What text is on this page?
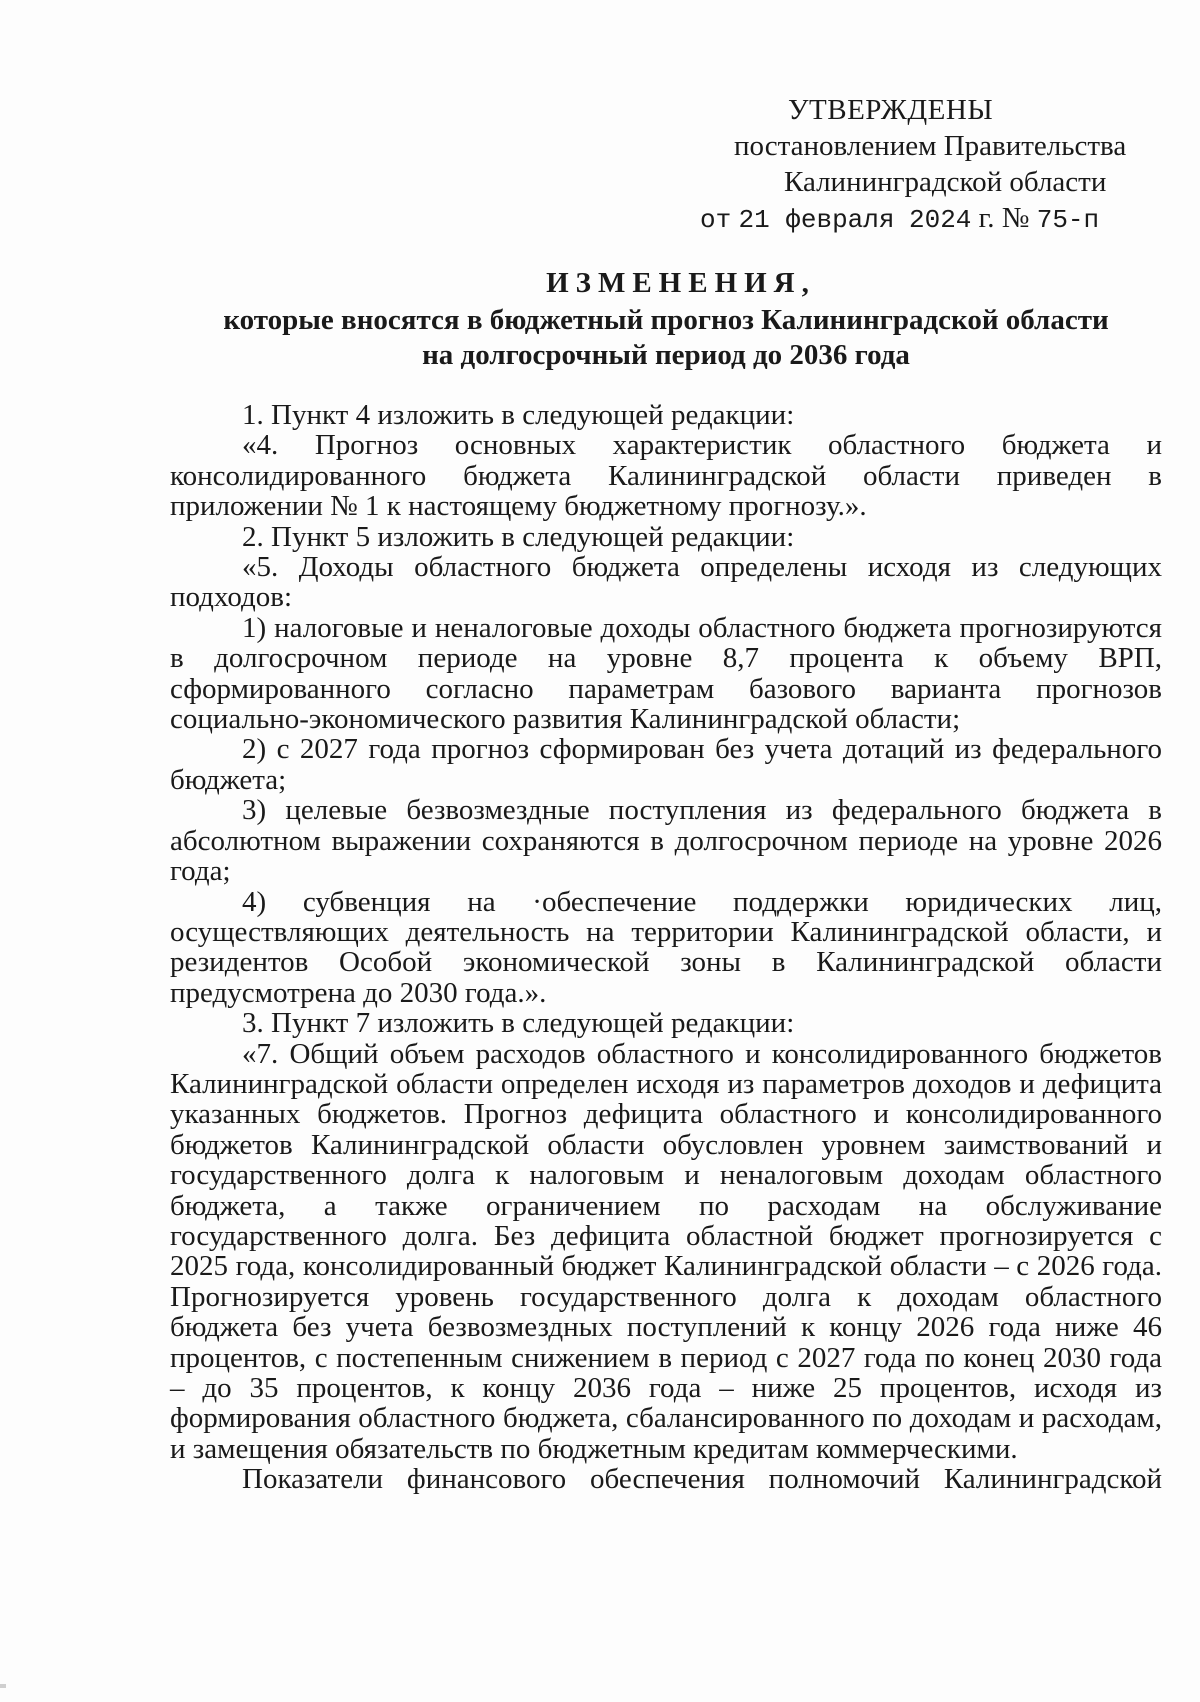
УТВЕРЖДЕНЫ
постановлением Правительства
Калининградской области
от 21 февраля 2024 г. № 75-п
ИЗМЕНЕНИЯ,
которые вносятся в бюджетный прогноз Калининградской области
на долгосрочный период до 2036 года

1. Пункт 4 изложить в следующей редакции:

«4. Прогноз основных характеристик областного бюджета и консолидированного бюджета Калининградской области приведен в приложении № 1 к настоящему бюджетному прогнозу.».

2. Пункт 5 изложить в следующей редакции:

«5. Доходы областного бюджета определены исходя из следующих подходов:

1) налоговые и неналоговые доходы областного бюджета прогнозируются в долгосрочном периоде на уровне 8,7 процента к объему ВРП, сформированного согласно параметрам базового варианта прогнозов социально-экономического развития Калининградской области;

2) с 2027 года прогноз сформирован без учета дотаций из федерального бюджета;

3) целевые безвозмездные поступления из федерального бюджета в абсолютном выражении сохраняются в долгосрочном периоде на уровне 2026 года;

4) субвенция на ·обеспечение поддержки юридических лиц, осуществляющих деятельность на территории Калининградской области, и резидентов Особой экономической зоны в Калининградской области предусмотрена до 2030 года.».

3. Пункт 7 изложить в следующей редакции:

«7. Общий объем расходов областного и консолидированного бюджетов Калининградской области определен исходя из параметров доходов и дефицита указанных бюджетов. Прогноз дефицита областного и консолидированного бюджетов Калининградской области обусловлен уровнем заимствований и государственного долга к налоговым и неналоговым доходам областного бюджета, а также ограничением по расходам на обслуживание государственного долга. Без дефицита областной бюджет прогнозируется с 2025 года, консолидированный бюджет Калининградской области – с 2026 года. Прогнозируется уровень государственного долга к доходам областного бюджета без учета безвозмездных поступлений к концу 2026 года ниже 46 процентов, с постепенным снижением в период с 2027 года по конец 2030 года – до 35 процентов, к концу 2036 года – ниже 25 процентов, исходя из формирования областного бюджета, сбалансированного по доходам и расходам, и замещения обязательств по бюджетным кредитам коммерческими.

Показатели финансового обеспечения полномочий Калининградской
